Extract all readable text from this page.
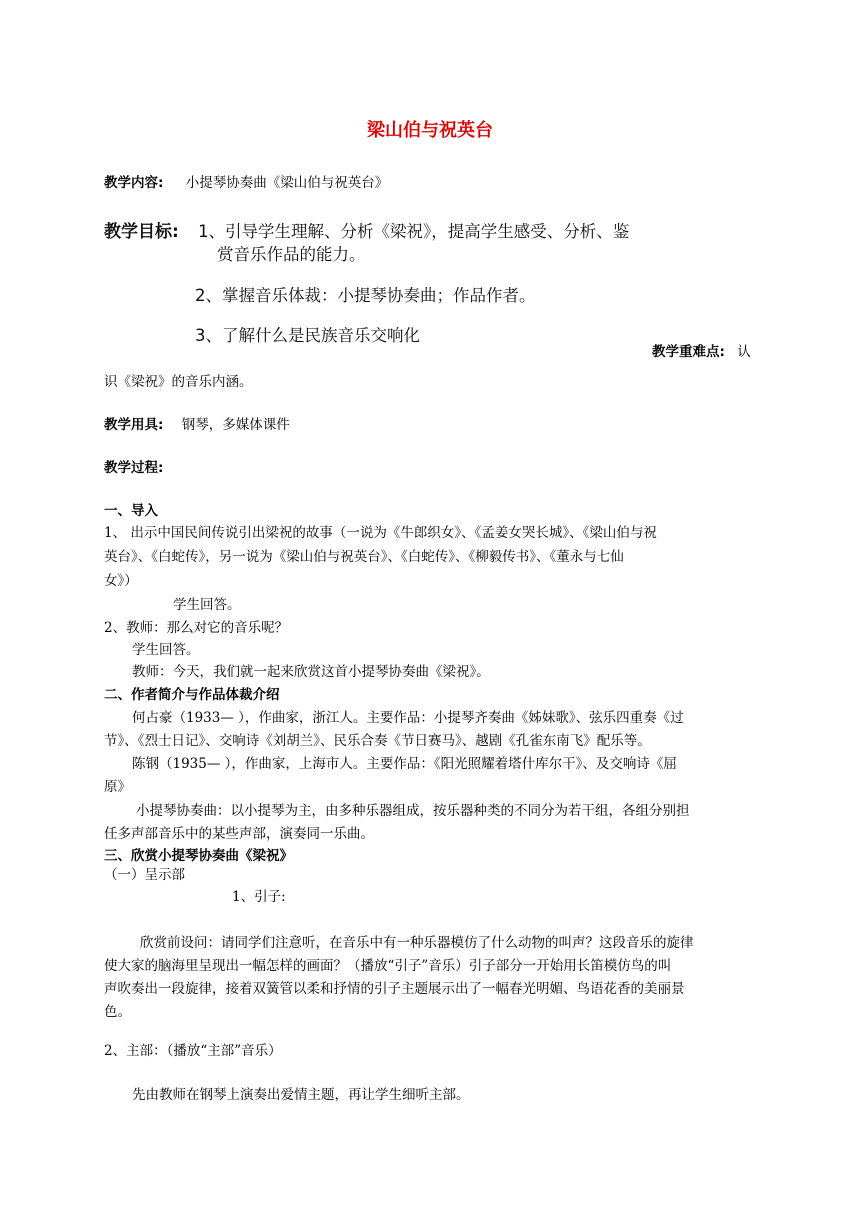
梁山伯与祝英台
教学内容: 小提琴协奏曲《梁山伯与祝英台》
教学目标: 1、引导学生理解、分析《梁祝》，提高学生感受、分析、鉴
赏音乐作品的能力。
2、掌握音乐体裁：小提琴协奏曲；作品作者。
3、了解什么是民族音乐交响化
教学重难点: 认
识《梁祝》的音乐内涵。
教学用具: 钢琴，多媒体课件
教学过程:
一、导入
1、 出示中国民间传说引出梁祝的故事（一说为《牛郎织女》、《孟姜女哭长城》、《梁山伯与祝
英台》、《白蛇传》，另一说为《梁山伯与祝英台》、《白蛇传》、《柳毅传书》、《董永与七仙
女》）
学生回答。
2、教师：那么对它的音乐呢？
学生回答。
教师：今天，我们就一起来欣赏这首小提琴协奏曲《梁祝》。
二、作者简介与作品体裁介绍
何占豪（1933— ），作曲家，浙江人。主要作品：小提琴齐奏曲《姊妹歌》、弦乐四重奏《过
节》、《烈士日记》、交响诗《刘胡兰》、民乐合奏《节日赛马》、越剧《孔雀东南飞》配乐等。
陈钢（1935— ），作曲家，上海市人。主要作品：《阳光照耀着塔什库尔干》、及交响诗《屈
原》
小提琴协奏曲：以小提琴为主，由多种乐器组成，按乐器种类的不同分为若干组，各组分别担
任多声部音乐中的某些声部，演奏同一乐曲。
三、欣赏小提琴协奏曲《梁祝》
（一）呈示部
1、引子:
欣赏前设问：请同学们注意听，在音乐中有一种乐器模仿了什么动物的叫声？这段音乐的旋律
使大家的脑海里呈现出一幅怎样的画面？（播放“引子”音乐）引子部分一开始用长笛模仿鸟的叫
声吹奏出一段旋律，接着双簧管以柔和抒情的引子主题展示出了一幅春光明媚、鸟语花香的美丽景
色。
2、主部：（播放“主部”音乐）
先由教师在钢琴上演奏出爱情主题，再让学生细听主部。
